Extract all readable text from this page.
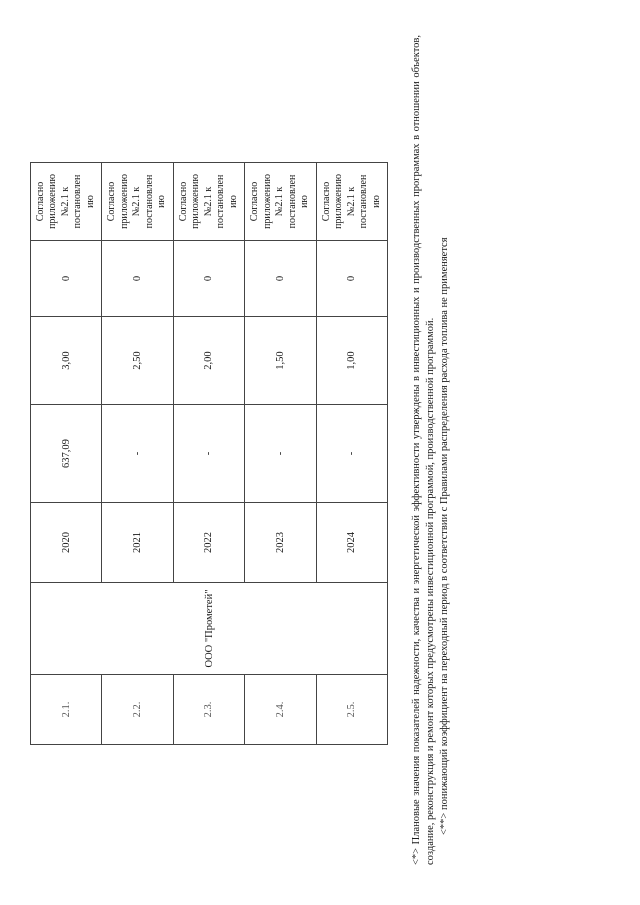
2.1.	ООО "Прометей"	2020	637,09	3,00	0	Согласно приложению №2.1 к постановлен ию

2.2.		2021	-	2,50	0	Согласно приложению №2.1 к постановлен ию

2.3.		2022	-	2,00	0	Согласно приложению №2.1 к постановлен ию

2.4.		2023	-	1,50	0	Согласно приложению №2.1 к постановлен ию

2.5.		2024	-	1,00	0	Согласно приложению №2.1 к постановлен ию	<*> Плановые значения показателей надежности, качества и энергетической эффективности утверждены в инвестиционных и производственных программах в отношении объектов, создание, реконструкция и ремонт которых предусмотрены инвестиционной программой, производственной программой. <**> понижающий коэффициент на переходный период в соответствии с Правилами распределения расхода топлива не применяется
